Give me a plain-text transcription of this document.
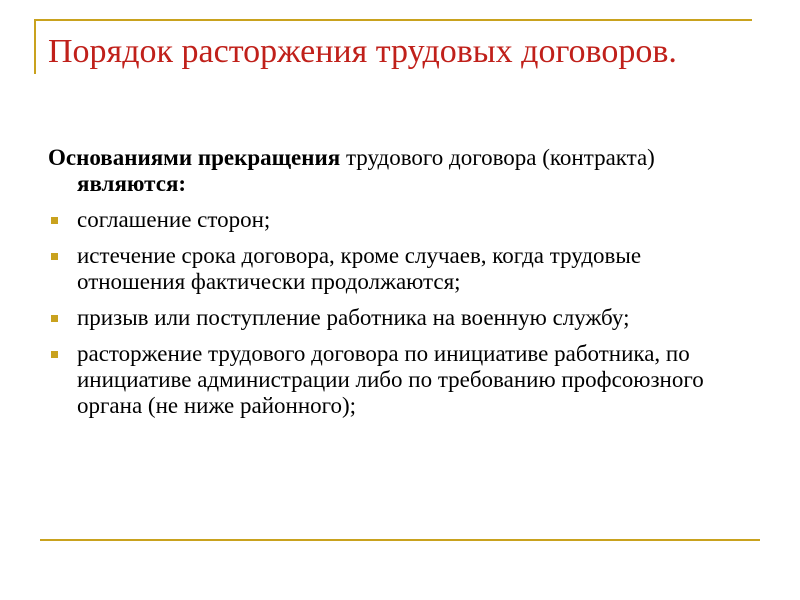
Порядок расторжения трудовых договоров.

Основаниями прекращения трудового договора (контракта) являются:

соглашение сторон;
истечение срока договора, кроме случаев, когда трудовые отношения фактически продолжаются;
призыв или поступление работника на военную службу;
расторжение трудового договора по инициативе работника, по инициативе администрации либо по требованию профсоюзного органа (не ниже районного);
